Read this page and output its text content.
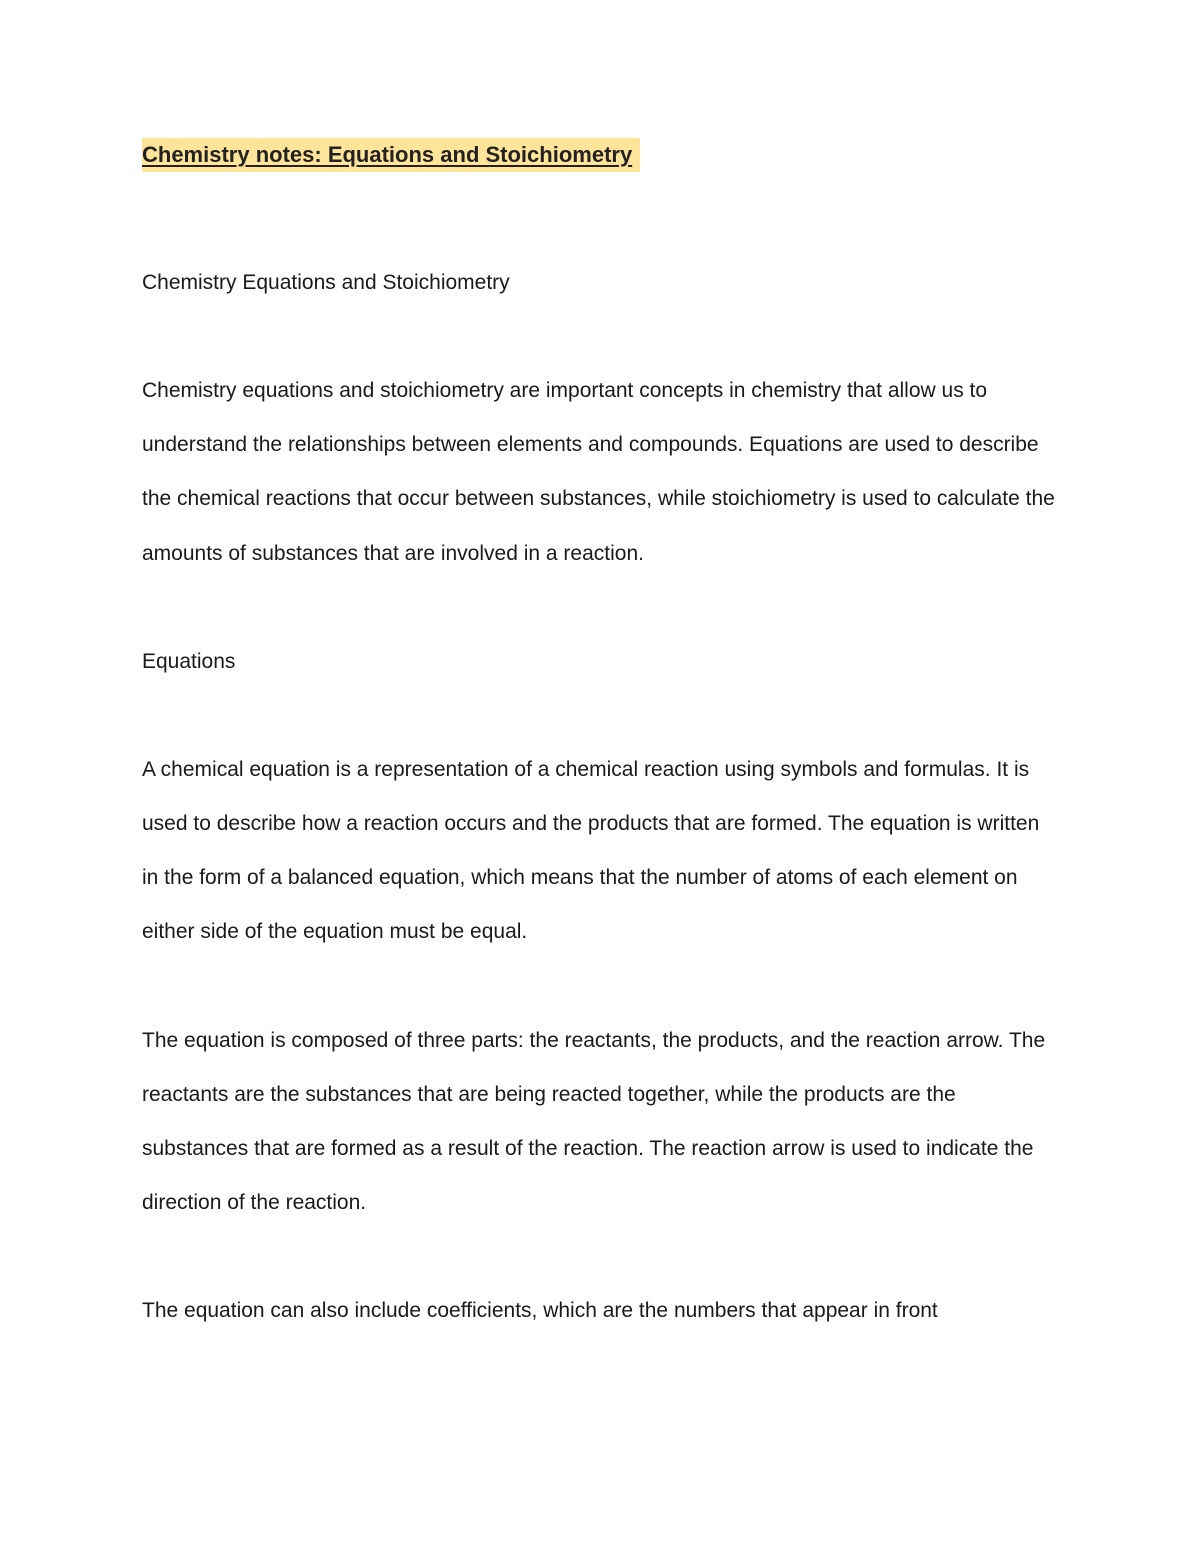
Chemistry notes: Equations and Stoichiometry

Chemistry Equations and Stoichiometry

Chemistry equations and stoichiometry are important concepts in chemistry that allow us to understand the relationships between elements and compounds. Equations are used to describe the chemical reactions that occur between substances, while stoichiometry is used to calculate the amounts of substances that are involved in a reaction.

Equations

A chemical equation is a representation of a chemical reaction using symbols and formulas. It is used to describe how a reaction occurs and the products that are formed. The equation is written in the form of a balanced equation, which means that the number of atoms of each element on either side of the equation must be equal.

The equation is composed of three parts: the reactants, the products, and the reaction arrow. The reactants are the substances that are being reacted together, while the products are the substances that are formed as a result of the reaction. The reaction arrow is used to indicate the direction of the reaction.

The equation can also include coefficients, which are the numbers that appear in front
